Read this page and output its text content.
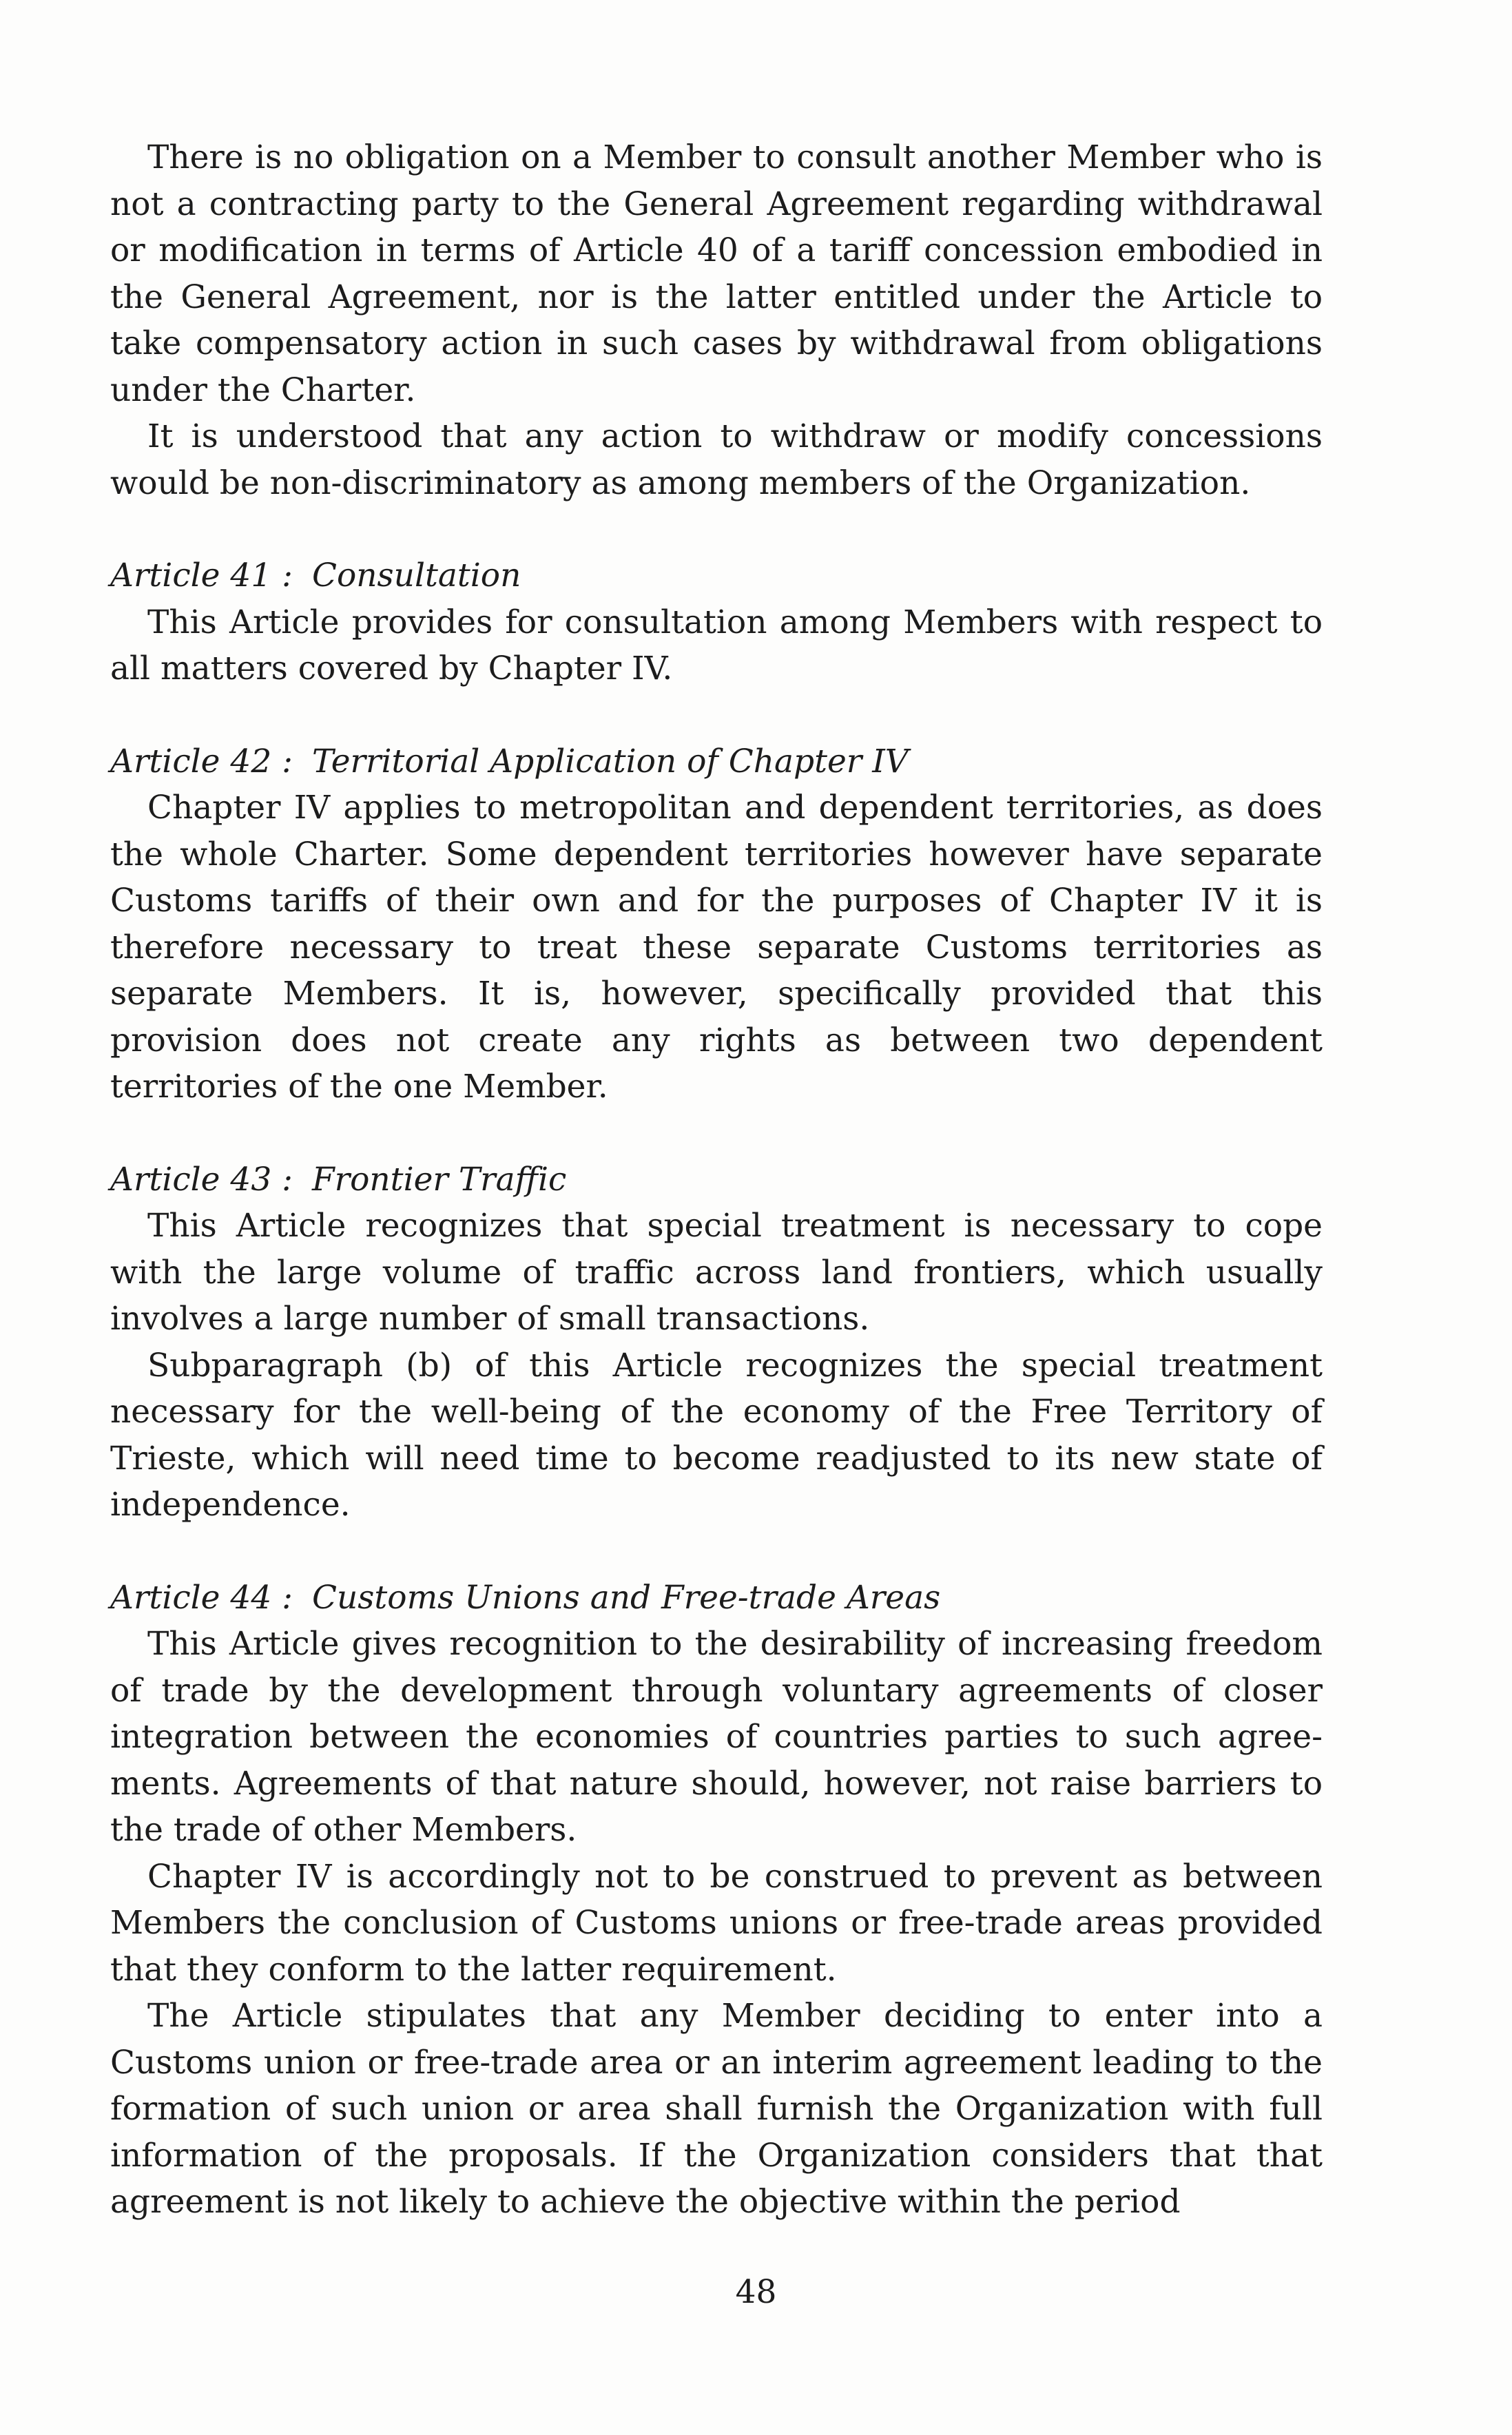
There is no obligation on a Member to consult another Member who is not a contracting party to the General Agreement regarding withdrawal or modification in terms of Article 40 of a tariff concession embodied in the General Agreement, nor is the latter entitled under the Article to take compensatory action in such cases by withdrawal from obligations under the Charter.

It is understood that any action to withdraw or modify concessions would be non-discriminatory as among members of the Organization.

Article 41 : Consultation

This Article provides for consultation among Members with respect to all matters covered by Chapter IV.

Article 42 : Territorial Application of Chapter IV

Chapter IV applies to metropolitan and dependent territories, as does the whole Charter. Some dependent territories however have separate Customs tariffs of their own and for the purposes of Chapter IV it is therefore necessary to treat these separate Customs territories as separate Members. It is, however, specifically provided that this provision does not create any rights as between two dependent territories of the one Member.

Article 43 : Frontier Traffic

This Article recognizes that special treatment is necessary to cope with the large volume of traffic across land frontiers, which usually involves a large number of small transactions.

Subparagraph (b) of this Article recognizes the special treatment necessary for the well-being of the economy of the Free Territory of Trieste, which will need time to become readjusted to its new state of independence.

Article 44 : Customs Unions and Free-trade Areas

This Article gives recognition to the desirability of increasing freedom of trade by the development through voluntary agreements of closer integration between the economies of countries parties to such agreements. Agreements of that nature should, however, not raise barriers to the trade of other Members.

Chapter IV is accordingly not to be construed to prevent as between Members the conclusion of Customs unions or free-trade areas provided that they conform to the latter requirement.

The Article stipulates that any Member deciding to enter into a Customs union or free-trade area or an interim agreement leading to the formation of such union or area shall furnish the Organization with full information of the proposals. If the Organization considers that that agreement is not likely to achieve the objective within the period

48
